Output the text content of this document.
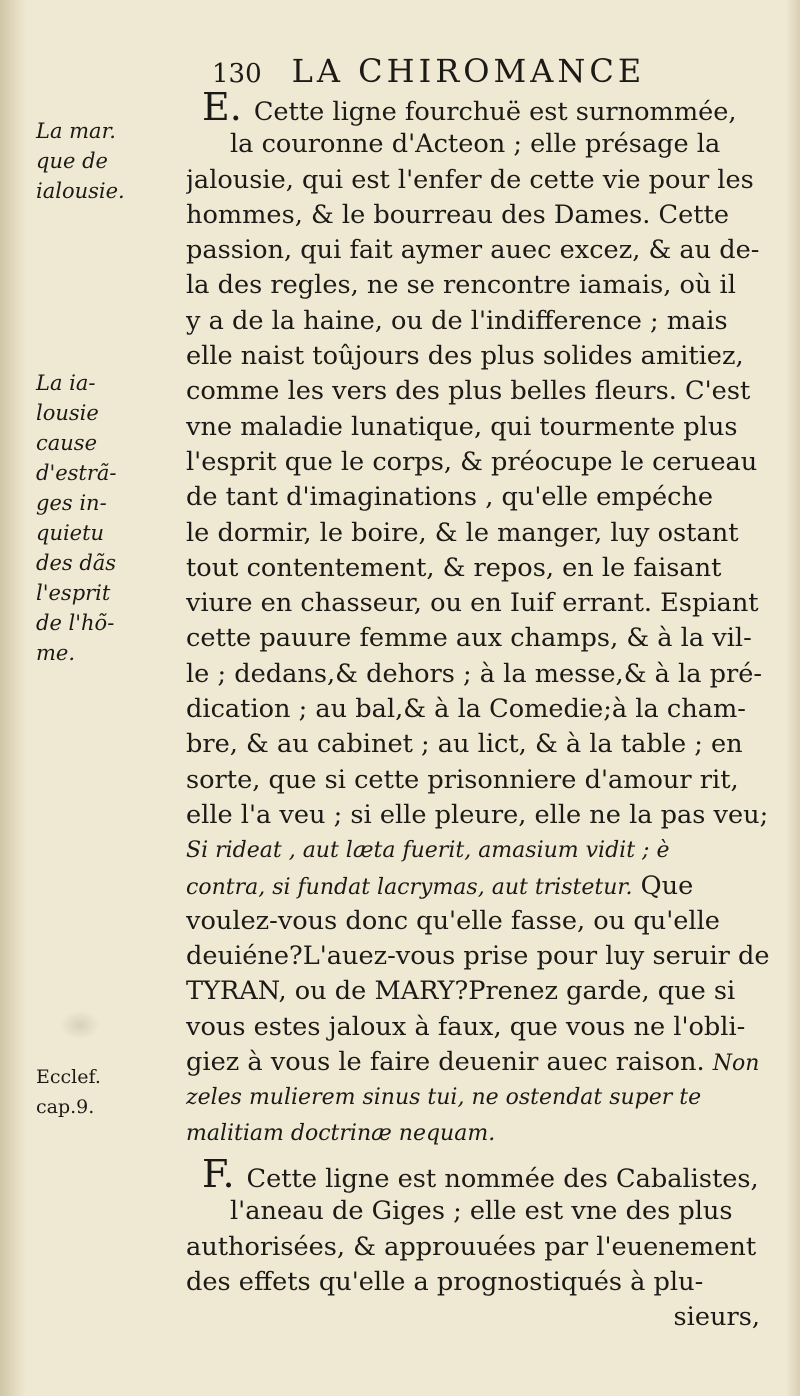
130 LA CHIROMANCE
La mar.
que de
ialousie.
La ia-
lousie
cause
d'estrã-
ges in-
quietu
des dãs
l'esprit
de l'hõ-
me.
Ecclef.
cap.9.
E. Cette ligne fourchuë est surnommée,
la couronne d'Acteon ; elle présage la
jalousie, qui est l'enfer de cette vie pour les
hommes, & le bourreau des Dames. Cette
passion, qui fait aymer auec excez, & au de-
la des regles, ne se rencontre iamais, où il
y a de la haine, ou de l'indifference ; mais
elle naist toûjours des plus solides amitiez,
comme les vers des plus belles fleurs. C'est
vne maladie lunatique, qui tourmente plus
l'esprit que le corps, & préocupe le cerueau
de tant d'imaginations , qu'elle empéche
le dormir, le boire, & le manger, luy ostant
tout contentement, & repos, en le faisant
viure en chasseur, ou en Iuif errant. Espiant
cette pauure femme aux champs, & à la vil-
le ; dedans,& dehors ; à la messe,& à la pré-
dication ; au bal,& à la Comedie;à la cham-
bre, & au cabinet ; au lict, & à la table ; en
sorte, que si cette prisonniere d'amour rit,
elle l'a veu ; si elle pleure, elle ne la pas veu;
Si rideat , aut læta fuerit, amasium vidit ; è
contra, si fundat lacrymas, aut tristetur. Que
voulez-vous donc qu'elle fasse, ou qu'elle
deuiéne?L'auez-vous prise pour luy seruir de
TYRAN, ou de MARY?Prenez garde, que si
vous estes jaloux à faux, que vous ne l'obli-
giez à vous le faire deuenir auec raison. Non
zeles mulierem sinus tui, ne ostendat super te
malitiam doctrinæ nequam.
F. Cette ligne est nommée des Cabalistes,
l'aneau de Giges ; elle est vne des plus
authorisées, & approuuées par l'euenement
des effets qu'elle a prognostiqués à plu-
sieurs,
